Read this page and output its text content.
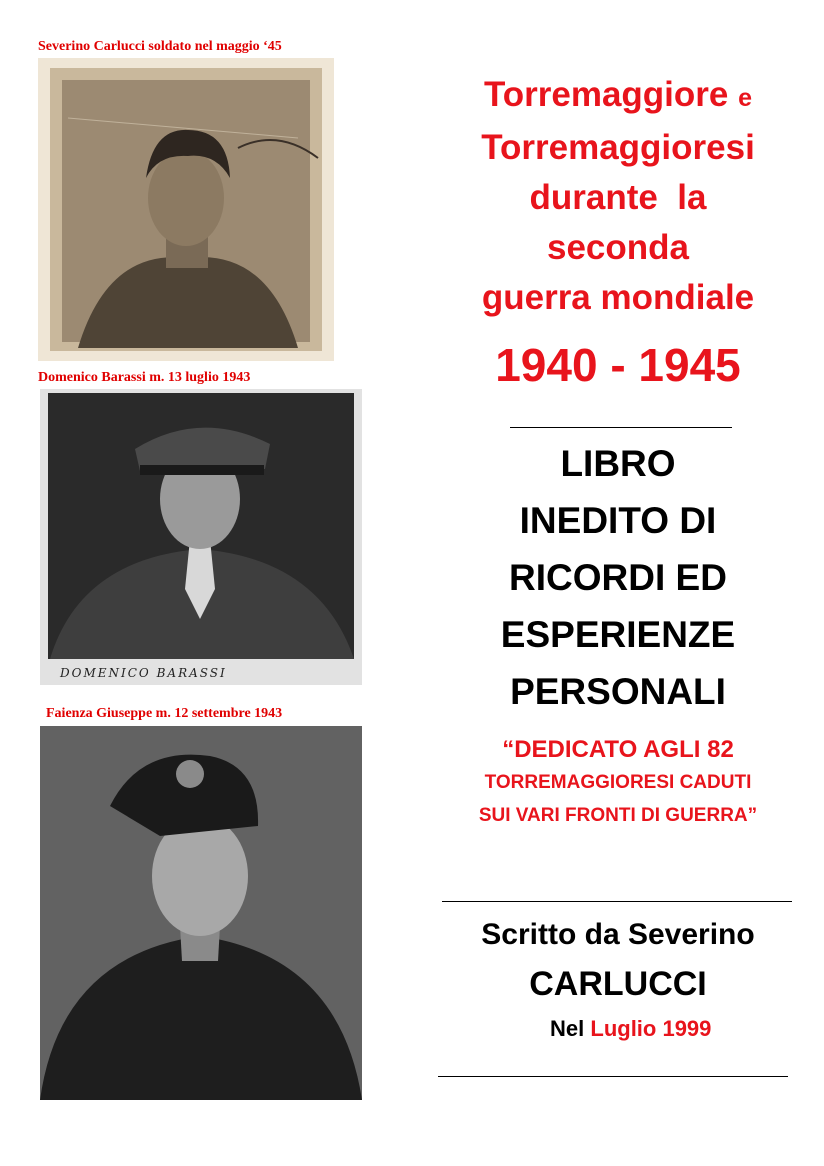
Severino Carlucci soldato nel maggio ‘45
Domenico Barassi m. 13 luglio 1943
DOMENICO BARASSI
Faienza Giuseppe m. 12 settembre 1943
Torremaggiore e
Torremaggioresi
durante  la
seconda
guerra mondiale
1940 - 1945
LIBRO
INEDITO DI
RICORDI ED
ESPERIENZE
PERSONALI
“DEDICATO AGLI 82
TORREMAGGIORESI CADUTI
SUI VARI FRONTI DI GUERRA”
Scritto da Severino
CARLUCCI
Nel Luglio 1999
